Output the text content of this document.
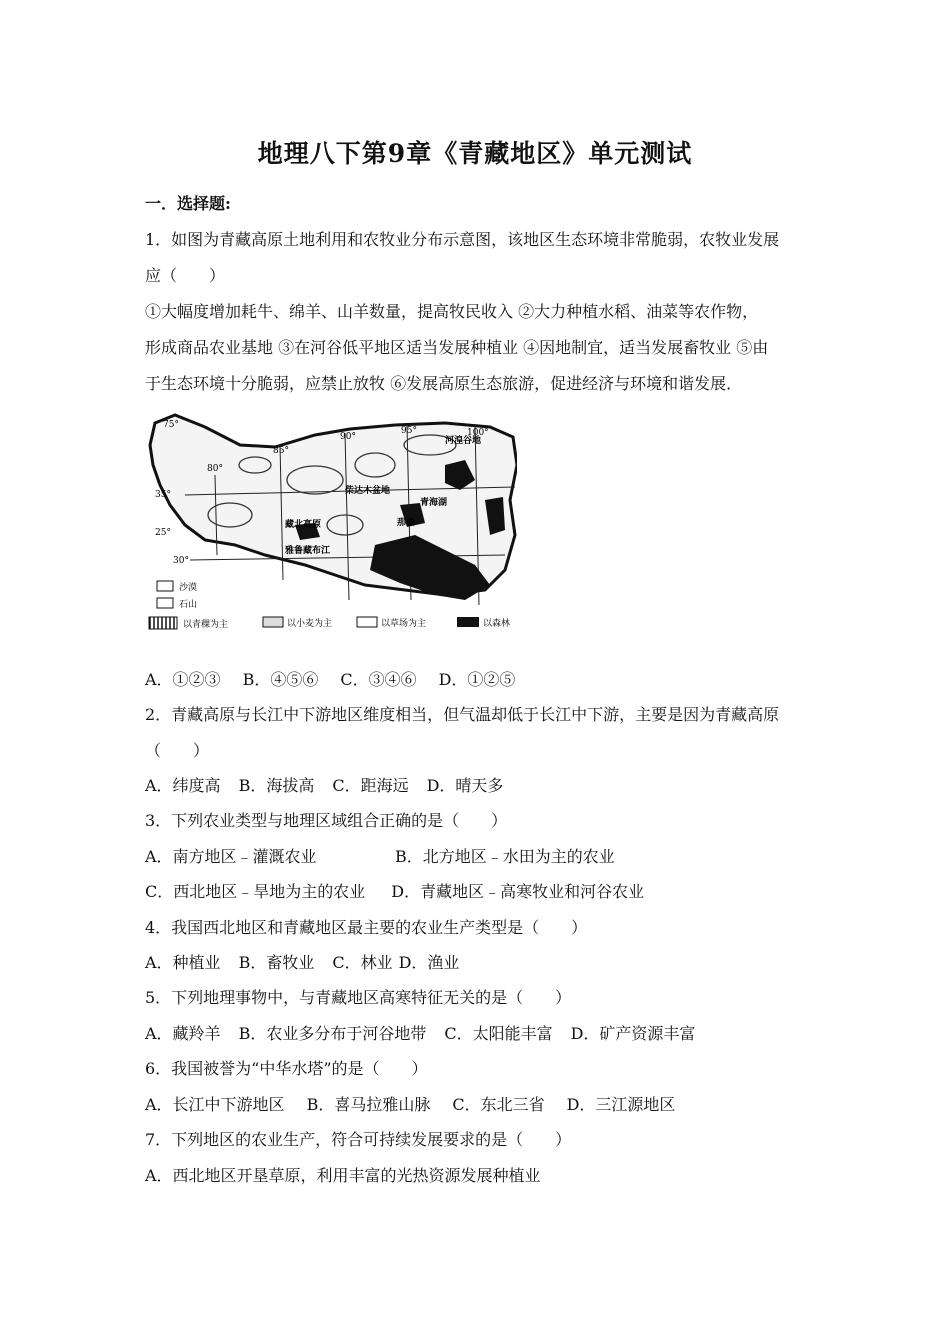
地理八下第9章《青藏地区》单元测试
一．选择题:
1．如图为青藏高原土地利用和农牧业分布示意图，该地区生态环境非常脆弱，农牧业发展
应（　　）
①大幅度增加耗牛、绵羊、山羊数量，提高牧民收入 ②大力种植水稻、油菜等农作物，
形成商品农业基地 ③在河谷低平地区适当发展种植业 ④因地制宜，适当发展畜牧业 ⑤由
于生态环境十分脆弱，应禁止放牧 ⑥发展高原生态旅游，促进经济与环境和谐发展．
35°
30°
25°
75°
80°
85°
90°
95°	100°
柴达木盆地
青海湖
雅鲁藏布江
河湟谷地
那曲
藏北高原
沙漠
石山
以青稞为主	以小麦为主	以草场为主	以森林
A．①②③ B．④⑤⑥ C．③④⑥ D．①②⑤
2．青藏高原与长江中下游地区维度相当，但气温却低于长江中下游，主要是因为青藏高原
（　　）
A．纬度高 B．海拔高 C．距海远 D．晴天多
3．下列农业类型与地理区域组合正确的是（　　）
A．南方地区﹣灌溉农业	B．北方地区﹣水田为主的农业
C．西北地区﹣旱地为主的农业 D．青藏地区﹣高寒牧业和河谷农业
4．我国西北地区和青藏地区最主要的农业生产类型是（　　）
A．种植业 B．畜牧业 C．林业 D．渔业
5．下列地理事物中，与青藏地区高寒特征无关的是（　　）
A．藏羚羊 B．农业多分布于河谷地带 C．太阳能丰富 D．矿产资源丰富
6．我国被誉为“中华水塔”的是（　　）
A．长江中下游地区 B．喜马拉雅山脉 C．东北三省 D．三江源地区
7．下列地区的农业生产，符合可持续发展要求的是（　　）
A．西北地区开垦草原，利用丰富的光热资源发展种植业
